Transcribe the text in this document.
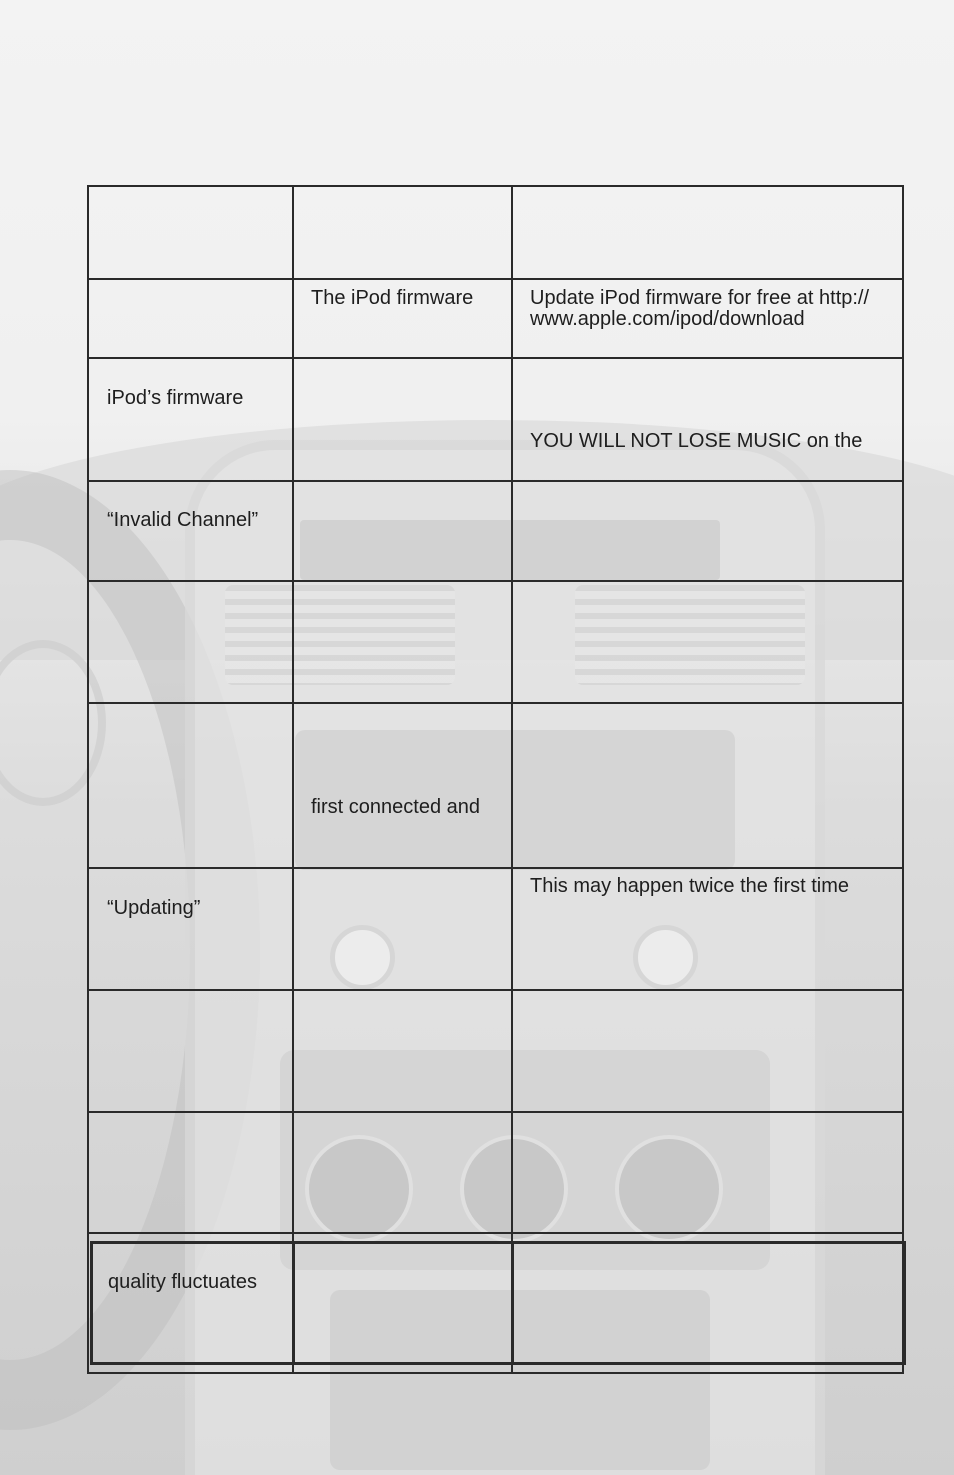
The iPod firmware	Update iPod firmware for free at http://
www.apple.com/ipod/download
iPod’s firmware
YOU WILL NOT LOSE MUSIC on the
“Invalid Channel”
first connected and
“Updating”
This may happen twice the first time
quality fluctuates
